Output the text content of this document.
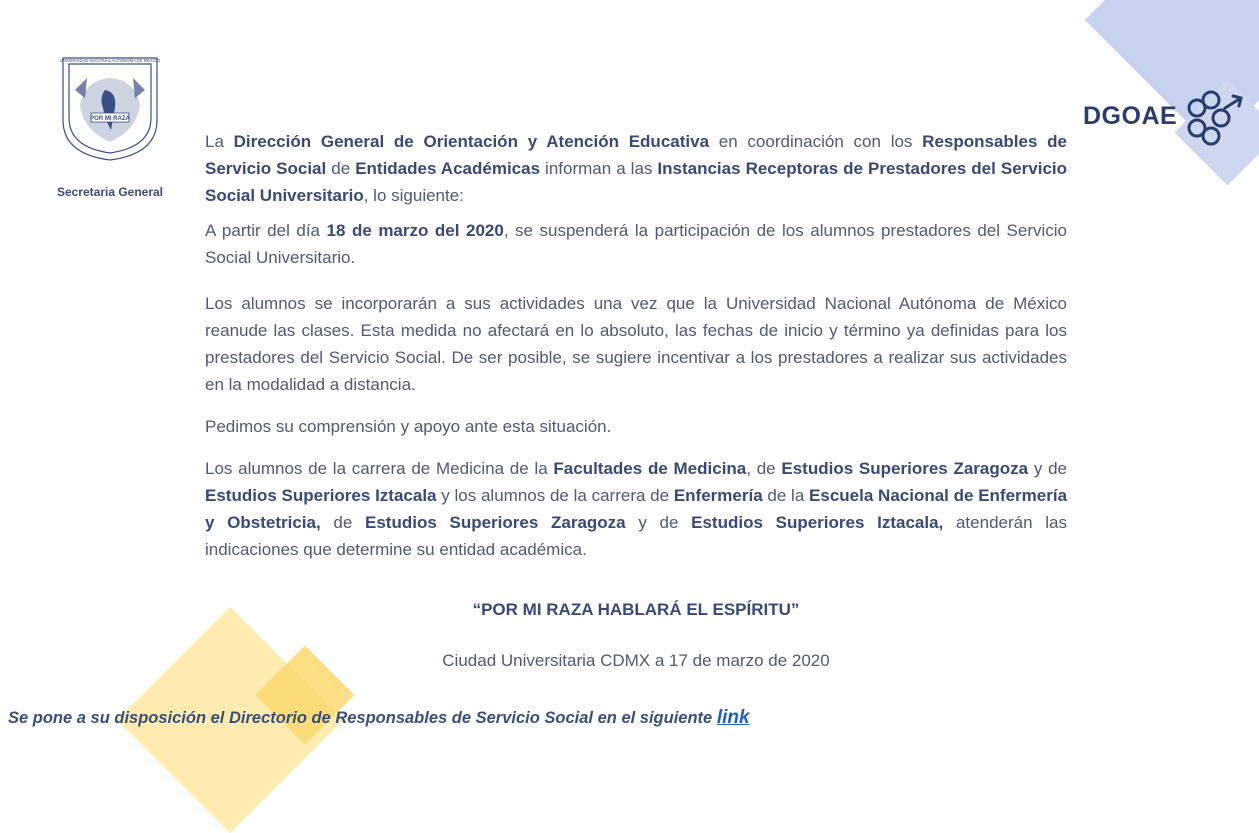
POR MI RAZA
UNIVERSIDAD NACIONAL AUTÓNOMA DE MÉXICO
Secretaria General
DGOAE

La Dirección General de Orientación y Atención Educativa en coordinación con los Responsables de Servicio Social de Entidades Académicas informan a las Instancias Receptoras de Prestadores del Servicio Social Universitario, lo siguiente:

A partir del día 18 de marzo del 2020, se suspenderá la participación de los alumnos prestadores del Servicio Social Universitario.

Los alumnos se incorporarán a sus actividades una vez que la Universidad Nacional Autónoma de México reanude las clases. Esta medida no afectará en lo absoluto, las fechas de inicio y término ya definidas para los prestadores del Servicio Social. De ser posible, se sugiere incentivar a los prestadores a realizar sus actividades en la modalidad a distancia.

Pedimos su comprensión y apoyo ante esta situación.

Los alumnos de la carrera de Medicina de la Facultades de Medicina, de Estudios Superiores Zaragoza y de Estudios Superiores Iztacala y los alumnos de la carrera de Enfermería de la Escuela Nacional de Enfermería y Obstetricia, de Estudios Superiores Zaragoza y de Estudios Superiores Iztacala, atenderán las indicaciones que determine su entidad académica.

“POR MI RAZA HABLARÁ EL ESPÍRITU”
Ciudad Universitaria CDMX a 17 de marzo de 2020
Se pone a su disposición el Directorio de Responsables de Servicio Social en el siguiente link
